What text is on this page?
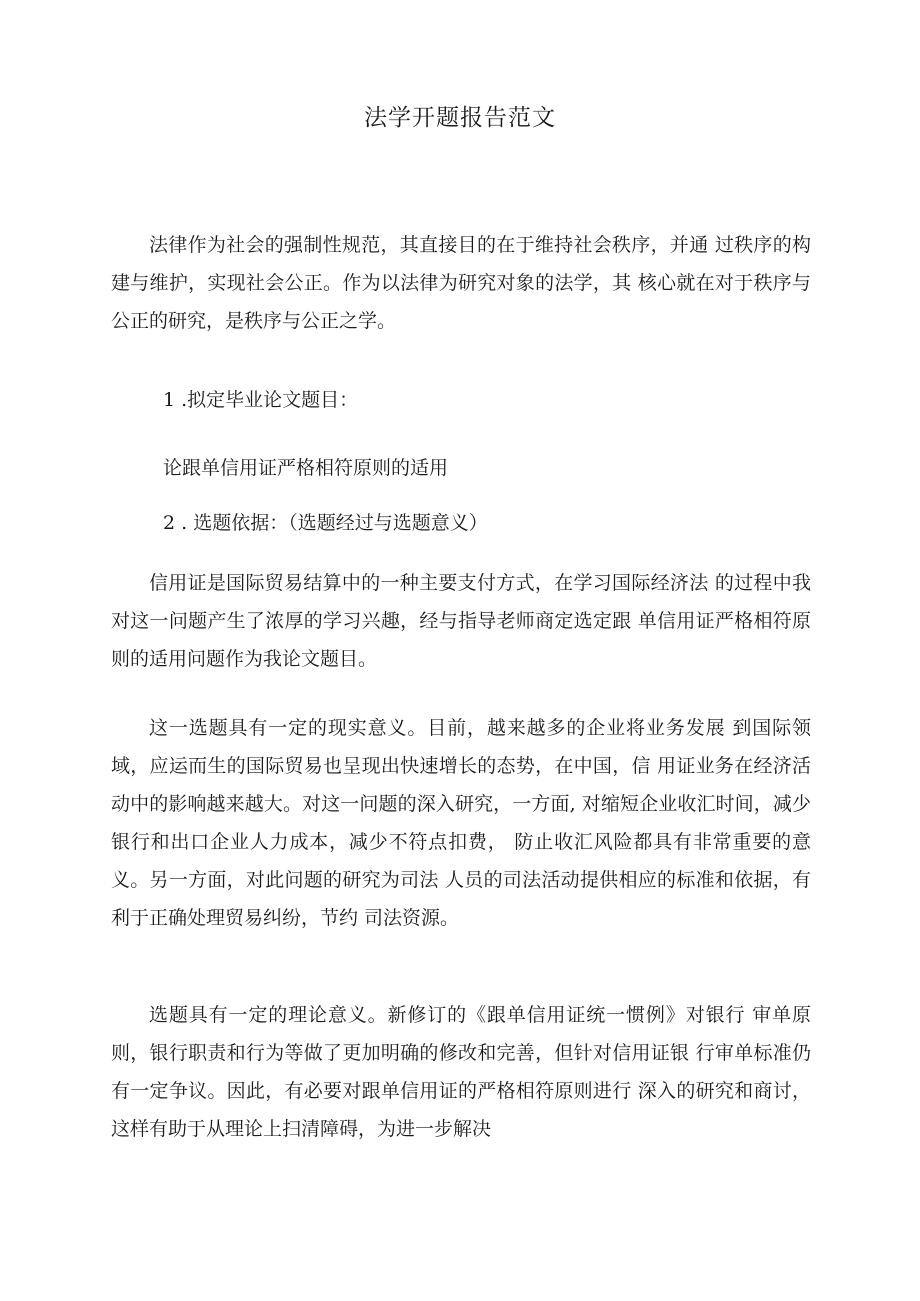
法学开题报告范文

法律作为社会的强制性规范，其直接目的在于维持社会秩序，并通 过秩序的构建与维护，实现社会公正。作为以法律为研究对象的法学，其 核心就在对于秩序与公正的研究，是秩序与公正之学。

1 .拟定毕业论文题目：

论跟单信用证严格相符原则的适用

2 . 选题依据：（选题经过与选题意义）

信用证是国际贸易结算中的一种主要支付方式，在学习国际经济法 的过程中我对这一问题产生了浓厚的学习兴趣，经与指导老师商定选定跟 单信用证严格相符原则的适用问题作为我论文题目。

这一选题具有一定的现实意义。目前，越来越多的企业将业务发展 到国际领域，应运而生的国际贸易也呈现出快速增长的态势，在中国，信 用证业务在经济活动中的影响越来越大。对这一问题的深入研究，一方面, 对缩短企业收汇时间，减少银行和出口企业人力成本，减少不符点扣费， 防止收汇风险都具有非常重要的意义。另一方面，对此问题的研究为司法 人员的司法活动提供相应的标准和依据，有利于正确处理贸易纠纷，节约 司法资源。

选题具有一定的理论意义。新修订的《跟单信用证统一惯例》对银行 审单原则，银行职责和行为等做了更加明确的修改和完善，但针对信用证银 行审单标准仍有一定争议。因此，有必要对跟单信用证的严格相符原则进行 深入的研究和商讨，这样有助于从理论上扫清障碍，为进一步解决
